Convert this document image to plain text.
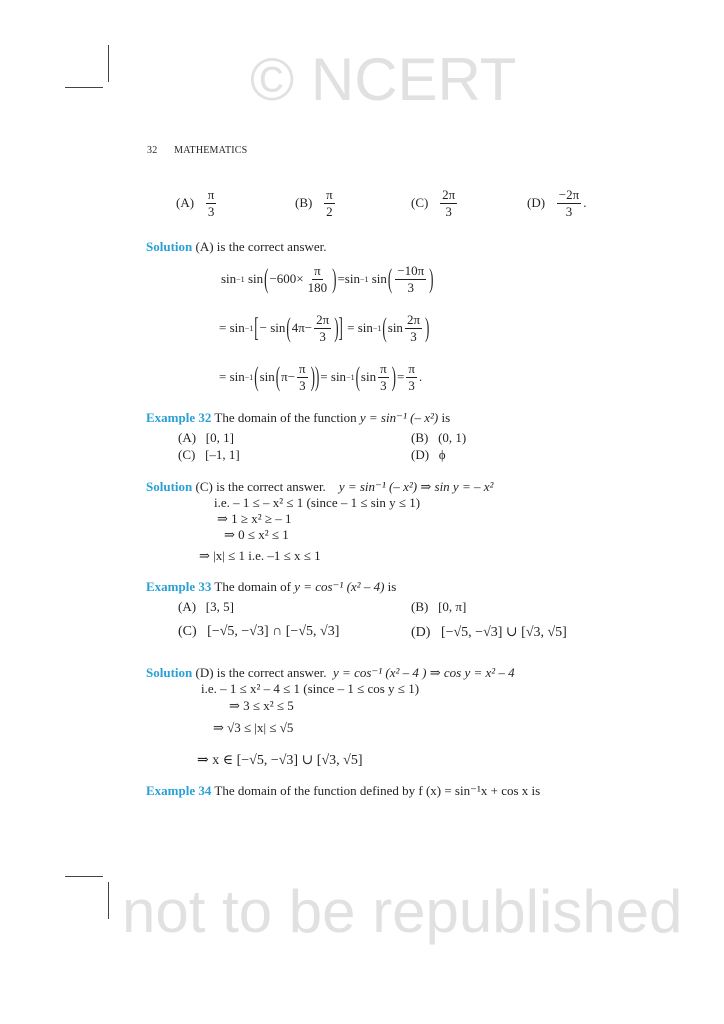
© NCERT
not to be republished
32 MATHEMATICS
(A)
$\frac{\pi}{3}$	(B)
$\frac{\pi}{2}$	(C)
$\frac{2\pi}{3}$	(D)
$\frac{-2\pi}{3}$ .
Solution (A) is the correct answer.
sin −1
sin ( $-600\times \frac{\pi}{180}$ ) =sin −1
sin ( $\frac{-10\pi}{3}$ )
= sin −1 [ − sin ( $4\pi- \frac{2\pi}{3}$ )]
= sin −1 ( $\sin \frac{2\pi}{3}$ )
= sin −1 ( sin ( $\pi- \frac{\pi}{3}$ )) = sin −1 ( $\sin \frac{\pi}{3}$ ) = $\frac{\pi}{3}$ .
Example 32 The domain of the function y = sin⁻¹ (– x²) is
(A) [0, 1]	(B) (0, 1)
(C) [–1, 1]	(D) ϕ
Solution (C) is the correct answer. y = sin⁻¹ (– x²) ⇒ sin y = – x²
i.e. – 1 ≤ – x² ≤ 1 (since – 1 ≤ sin y ≤ 1)
⇒ 1 ≥ x² ≥ – 1
⇒ 0 ≤ x² ≤ 1
⇒ |x| ≤ 1 i.e. –1 ≤ x ≤ 1
Example 33 The domain of y = cos⁻¹ (x² – 4) is
(A) [3, 5]	(B) [0, π]
(C) [−√5, −√3] ∩ [−√5, √3]	(D) [−√5, −√3] ∪ [√3, √5]
Solution (D) is the correct answer. y = cos⁻¹ (x² – 4 ) ⇒ cos y = x² – 4
i.e. – 1 ≤ x² – 4 ≤ 1 (since – 1 ≤ cos y ≤ 1)
⇒ 3 ≤ x² ≤ 5
⇒ √3 ≤ |x| ≤ √5
⇒ x ∈ [−√5, −√3] ∪ [√3, √5]
Example 34 The domain of the function defined by f (x) = sin⁻¹x + cos x is
